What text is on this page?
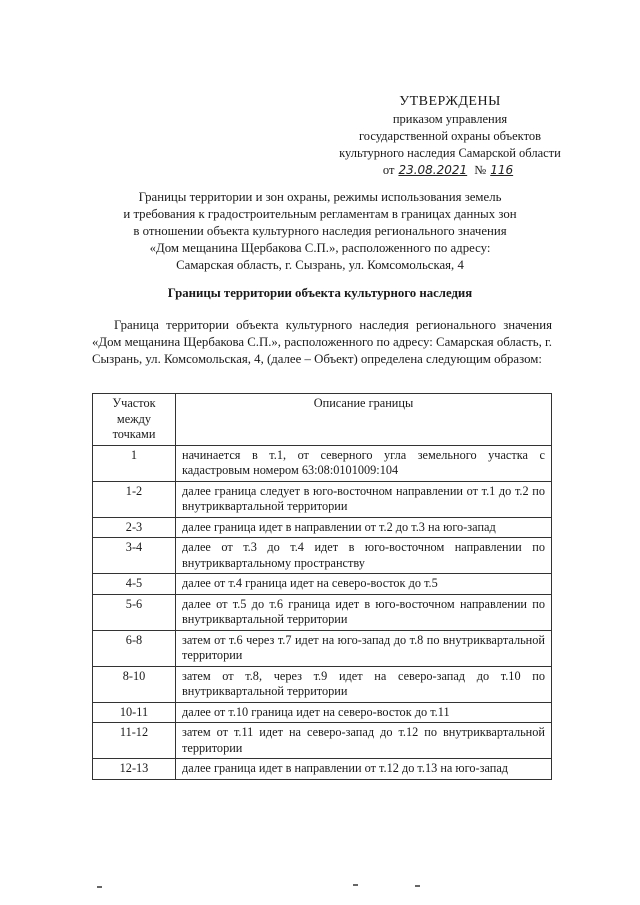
УТВЕРЖДЕНЫ
приказом управления
государственной охраны объектов
культурного наследия Самарской области
от 23.08.2021 № 116
Границы территории и зон охраны, режимы использования земель
и требования к градостроительным регламентам в границах данных зон
в отношении объекта культурного наследия регионального значения
«Дом мещанина Щербакова С.П.», расположенного по адресу:
Самарская область, г. Сызрань, ул. Комсомольская, 4
Границы территории объекта культурного наследия
Граница территории объекта культурного наследия регионального значения «Дом мещанина Щербакова С.П.», расположенного по адресу: Самарская область, г. Сызрань, ул. Комсомольская, 4, (далее – Объект) определена следующим образом:
Участок между точками	Описание границы
1	начинается в т.1, от северного угла земельного участка с кадастровым номером 63:08:0101009:104
1-2	далее граница следует в юго-восточном направлении от т.1 до т.2 по внутриквартальной территории
2-3	далее граница идет в направлении от т.2 до т.3 на юго-запад
3-4	далее от т.3 до т.4 идет в юго-восточном направлении по внутриквартальному пространству
4-5	далее от т.4 граница идет на северо-восток до т.5
5-6	далее от т.5 до т.6 граница идет в юго-восточном направлении по внутриквартальной территории
6-8	затем от т.6 через т.7 идет на юго-запад до т.8 по внутриквартальной территории
8-10	затем от т.8, через т.9 идет на северо-запад до т.10 по внутриквартальной территории
10-11	далее от т.10 граница идет на северо-восток до т.11
11-12	затем от т.11 идет на северо-запад до т.12 по внутриквартальной территории
12-13	далее граница идет в направлении от т.12 до т.13 на юго-запад
